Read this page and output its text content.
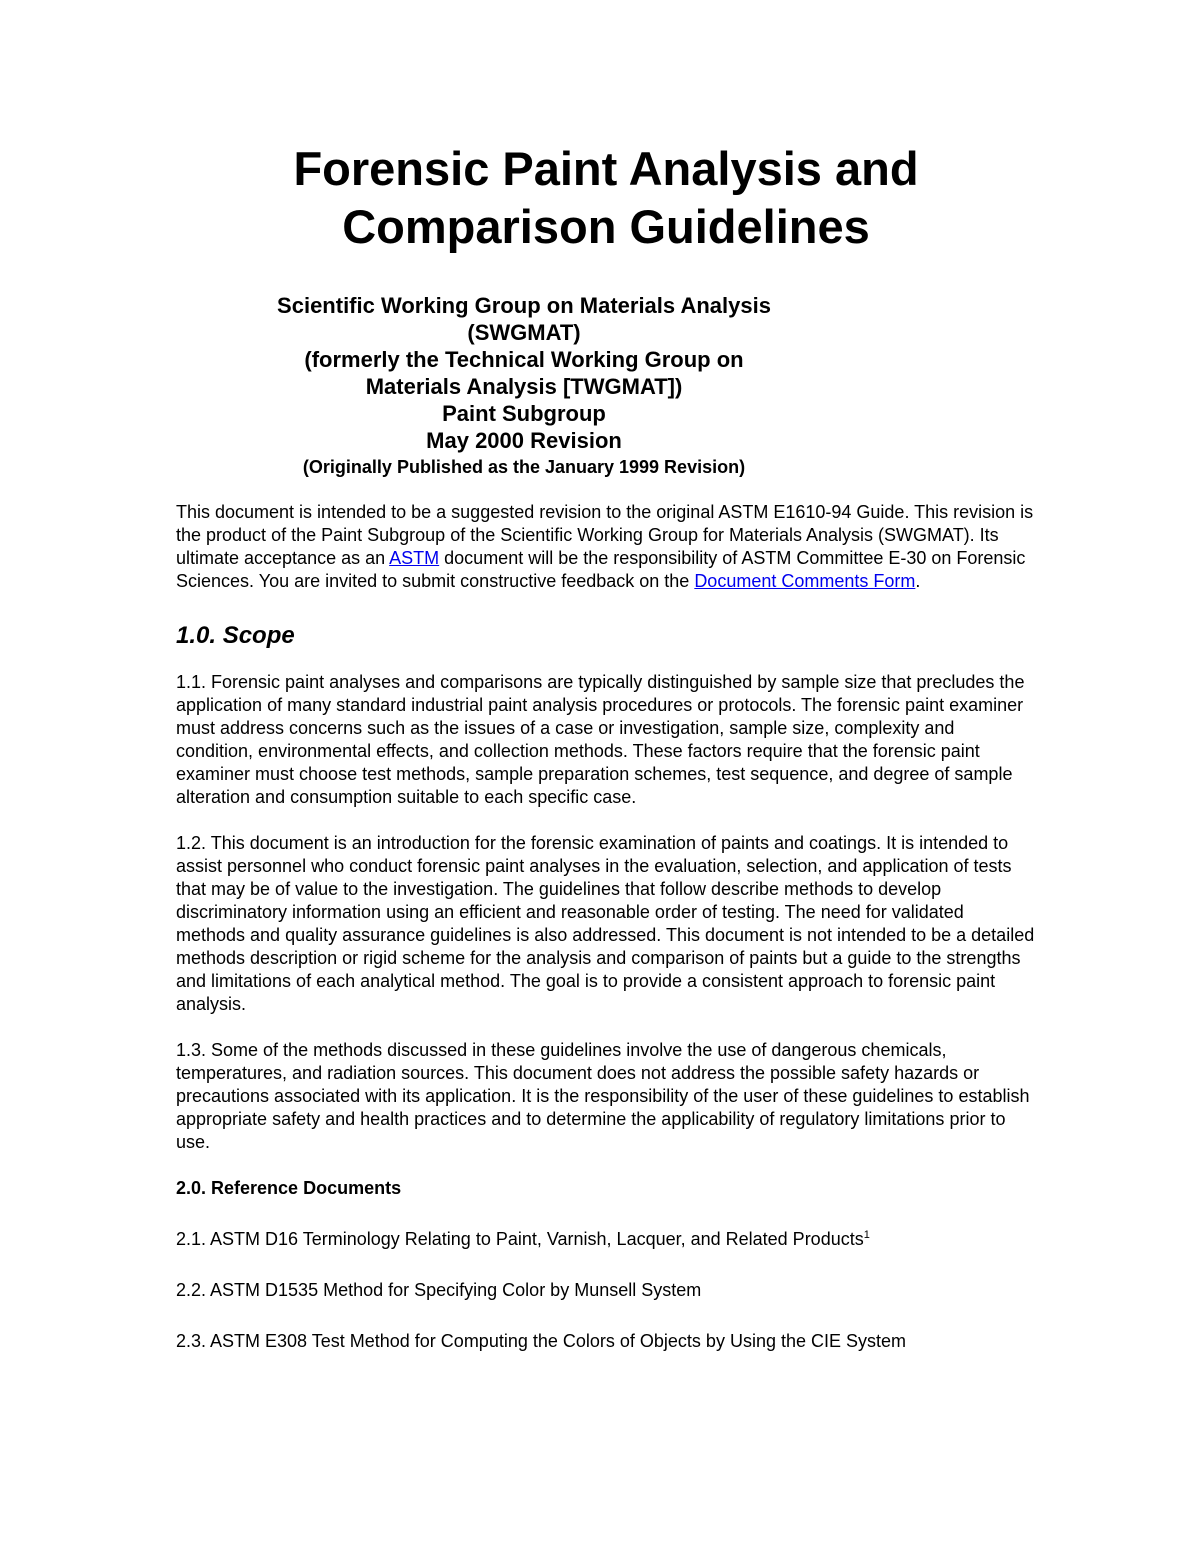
Forensic Paint Analysis and
Comparison Guidelines
Scientific Working Group on Materials Analysis
(SWGMAT)
(formerly the Technical Working Group on
Materials Analysis [TWGMAT])
Paint Subgroup
May 2000 Revision
(Originally Published as the January 1999 Revision)

This document is intended to be a suggested revision to the original ASTM E1610-94 Guide. This revision is the product of the Paint Subgroup of the Scientific Working Group for Materials Analysis (SWGMAT). Its ultimate acceptance as an ASTM document will be the responsibility of ASTM Committee E-30 on Forensic Sciences. You are invited to submit constructive feedback on the Document Comments Form.

1.0. Scope

1.1. Forensic paint analyses and comparisons are typically distinguished by sample size that precludes the application of many standard industrial paint analysis procedures or protocols. The forensic paint examiner must address concerns such as the issues of a case or investigation, sample size, complexity and condition, environmental effects, and collection methods. These factors require that the forensic paint examiner must choose test methods, sample preparation schemes, test sequence, and degree of sample alteration and consumption suitable to each specific case.

1.2. This document is an introduction for the forensic examination of paints and coatings. It is intended to assist personnel who conduct forensic paint analyses in the evaluation, selection, and application of tests that may be of value to the investigation. The guidelines that follow describe methods to develop discriminatory information using an efficient and reasonable order of testing. The need for validated methods and quality assurance guidelines is also addressed. This document is not intended to be a detailed methods description or rigid scheme for the analysis and comparison of paints but a guide to the strengths and limitations of each analytical method. The goal is to provide a consistent approach to forensic paint analysis.

1.3. Some of the methods discussed in these guidelines involve the use of dangerous chemicals, temperatures, and radiation sources. This document does not address the possible safety hazards or precautions associated with its application. It is the responsibility of the user of these guidelines to establish appropriate safety and health practices and to determine the applicability of regulatory limitations prior to use.

2.0. Reference Documents
2.1. ASTM D16 Terminology Relating to Paint, Varnish, Lacquer, and Related Products$^1$
2.2. ASTM D1535 Method for Specifying Color by Munsell System
2.3. ASTM E308 Test Method for Computing the Colors of Objects by Using the CIE System
